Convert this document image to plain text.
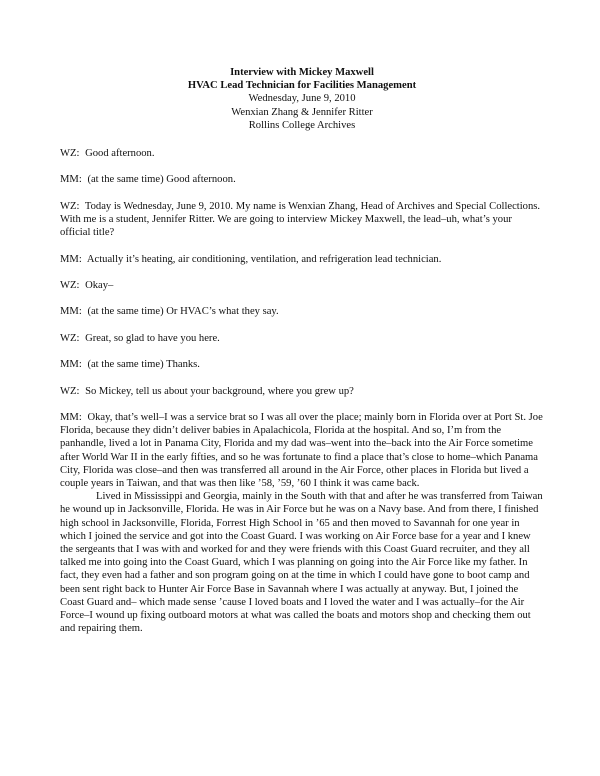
Interview with Mickey Maxwell
HVAC Lead Technician for Facilities Management
Wednesday, June 9, 2010
Wenxian Zhang & Jennifer Ritter
Rollins College Archives

WZ: Good afternoon.

MM: (at the same time) Good afternoon.

WZ: Today is Wednesday, June 9, 2010. My name is Wenxian Zhang, Head of Archives and Special Collections. With me is a student, Jennifer Ritter. We are going to interview Mickey Maxwell, the lead–uh, what’s your official title?

MM: Actually it’s heating, air conditioning, ventilation, and refrigeration lead technician.

WZ: Okay–

MM: (at the same time) Or HVAC’s what they say.

WZ: Great, so glad to have you here.

MM: (at the same time) Thanks.

WZ: So Mickey, tell us about your background, where you grew up?

MM: Okay, that’s well–I was a service brat so I was all over the place; mainly born in Florida over at Port St. Joe Florida, because they didn’t deliver babies in Apalachicola, Florida at the hospital. And so, I’m from the panhandle, lived a lot in Panama City, Florida and my dad was–went into the–back into the Air Force sometime after World War II in the early fifties, and so he was fortunate to find a place that’s close to home–which Panama City, Florida was close–and then was transferred all around in the Air Force, other places in Florida but lived a couple years in Taiwan, and that was then like ’58, ’59, ’60 I think it was came back.

Lived in Mississippi and Georgia, mainly in the South with that and after he was transferred from Taiwan he wound up in Jacksonville, Florida. He was in Air Force but he was on a Navy base. And from there, I finished high school in Jacksonville, Florida, Forrest High School in ’65 and then moved to Savannah for one year in which I joined the service and got into the Coast Guard. I was working on Air Force base for a year and I knew the sergeants that I was with and worked for and they were friends with this Coast Guard recruiter, and they all talked me into going into the Coast Guard, which I was planning on going into the Air Force like my father. In fact, they even had a father and son program going on at the time in which I could have gone to boot camp and been sent right back to Hunter Air Force Base in Savannah where I was actually at anyway. But, I joined the Coast Guard and– which made sense ’cause I loved boats and I loved the water and I was actually–for the Air Force–I wound up fixing outboard motors at what was called the boats and motors shop and checking them out and repairing them.
